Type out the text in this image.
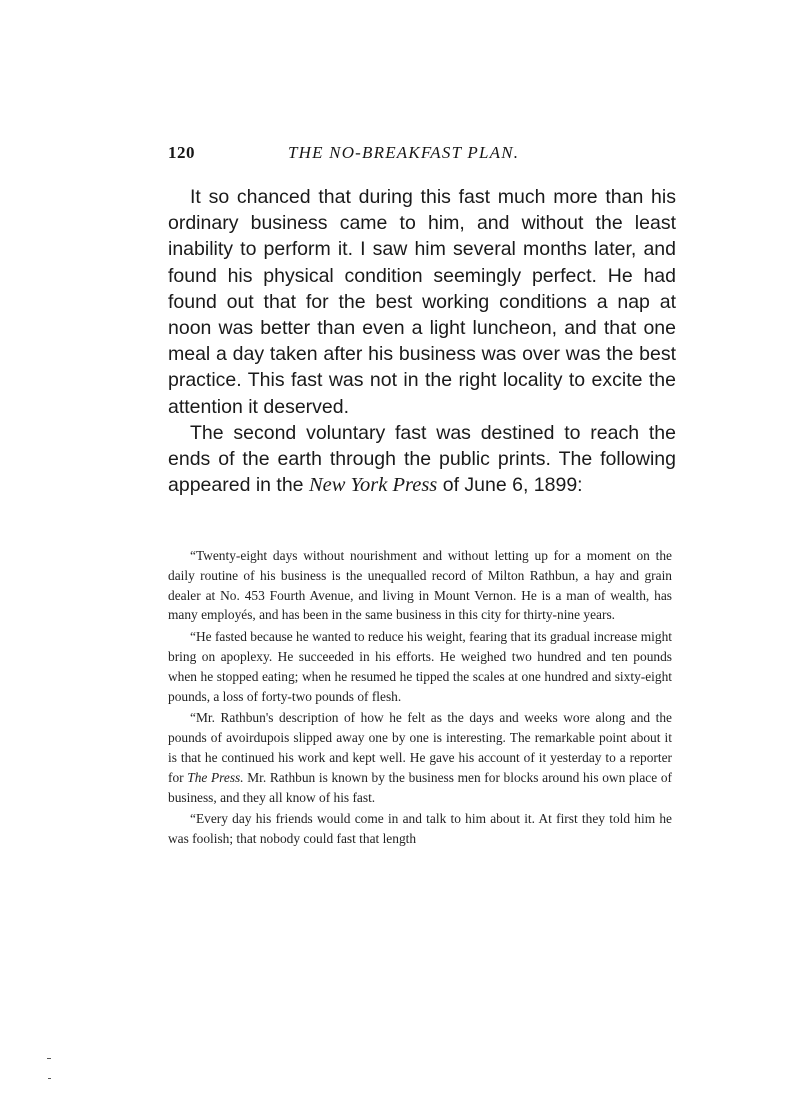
120	THE NO-BREAKFAST PLAN.

It so chanced that during this fast much more than his ordinary business came to him, and without the least inability to perform it. I saw him several months later, and found his physical condition seemingly perfect. He had found out that for the best working conditions a nap at noon was better than even a light luncheon, and that one meal a day taken after his business was over was the best practice. This fast was not in the right locality to excite the attention it deserved.

The second voluntary fast was destined to reach the ends of the earth through the public prints. The following appeared in the New York Press of June 6, 1899:

“Twenty-eight days without nourishment and without letting up for a moment on the daily routine of his business is the unequalled record of Milton Rathbun, a hay and grain dealer at No. 453 Fourth Avenue, and living in Mount Vernon. He is a man of wealth, has many employés, and has been in the same business in this city for thirty-nine years.

“He fasted because he wanted to reduce his weight, fearing that its gradual increase might bring on apoplexy. He succeeded in his efforts. He weighed two hundred and ten pounds when he stopped eating; when he resumed he tipped the scales at one hundred and sixty-eight pounds, a loss of forty-two pounds of flesh.

“Mr. Rathbun's description of how he felt as the days and weeks wore along and the pounds of avoirdupois slipped away one by one is interesting. The remarkable point about it is that he continued his work and kept well. He gave his account of it yesterday to a reporter for The Press. Mr. Rathbun is known by the business men for blocks around his own place of business, and they all know of his fast.

“Every day his friends would come in and talk to him about it. At first they told him he was foolish; that nobody could fast that length
